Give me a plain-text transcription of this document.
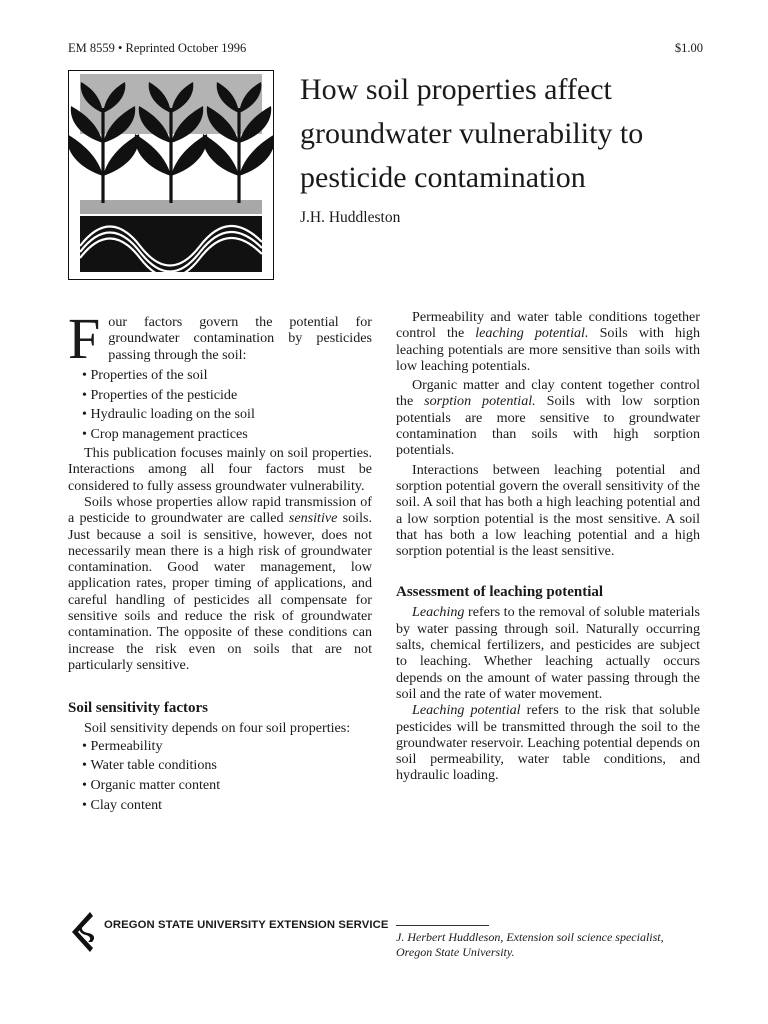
EM 8559 • Reprinted October 1996	$1.00
How soil properties affect groundwater vulnerability to pesticide contamination
J.H. Huddleston
F our factors govern the potential for groundwater contamination by pesticides passing through the soil:

• Properties of the soil
• Properties of the pesticide
• Hydraulic loading on the soil
• Crop management practices

This publication focuses mainly on soil properties. Interactions among all four factors must be considered to fully assess groundwater vulnerability.

Soils whose properties allow rapid transmission of a pesticide to groundwater are called sensitive soils. Just because a soil is sensitive, however, does not necessarily mean there is a high risk of groundwater contamination. Good water management, low application rates, proper timing of applications, and careful handling of pesticides all compensate for sensitive soils and reduce the risk of groundwater contamination. The opposite of these conditions can increase the risk even on soils that are not particularly sensitive.

Soil sensitivity factors

Soil sensitivity depends on four soil properties:

• Permeability
• Water table conditions
• Organic matter content
• Clay content

Permeability and water table conditions together control the leaching potential. Soils with high leaching potentials are more sensitive than soils with low leaching potentials.

Organic matter and clay content together control the sorption potential. Soils with low sorption potentials are more sensitive to groundwater contamination than soils with high sorption potentials.

Interactions between leaching potential and sorption potential govern the overall sensitivity of the soil. A soil that has both a high leaching potential and a low sorption potential is the most sensitive. A soil that has both a low leaching potential and a high sorption potential is the least sensitive.

Assessment of leaching potential

Leaching refers to the removal of soluble materials by water passing through soil. Naturally occurring salts, chemical fertilizers, and pesticides are subject to leaching. Whether leaching actually occurs depends on the amount of water passing through the soil and the rate of water movement.

Leaching potential refers to the risk that soluble pesticides will be transmitted through the soil to the groundwater reservoir. Leaching potential depends on soil permeability, water table conditions, and hydraulic loading.

OREGON STATE UNIVERSITY EXTENSION SERVICE
J. Herbert Huddleson, Extension soil science specialist, Oregon State University.
